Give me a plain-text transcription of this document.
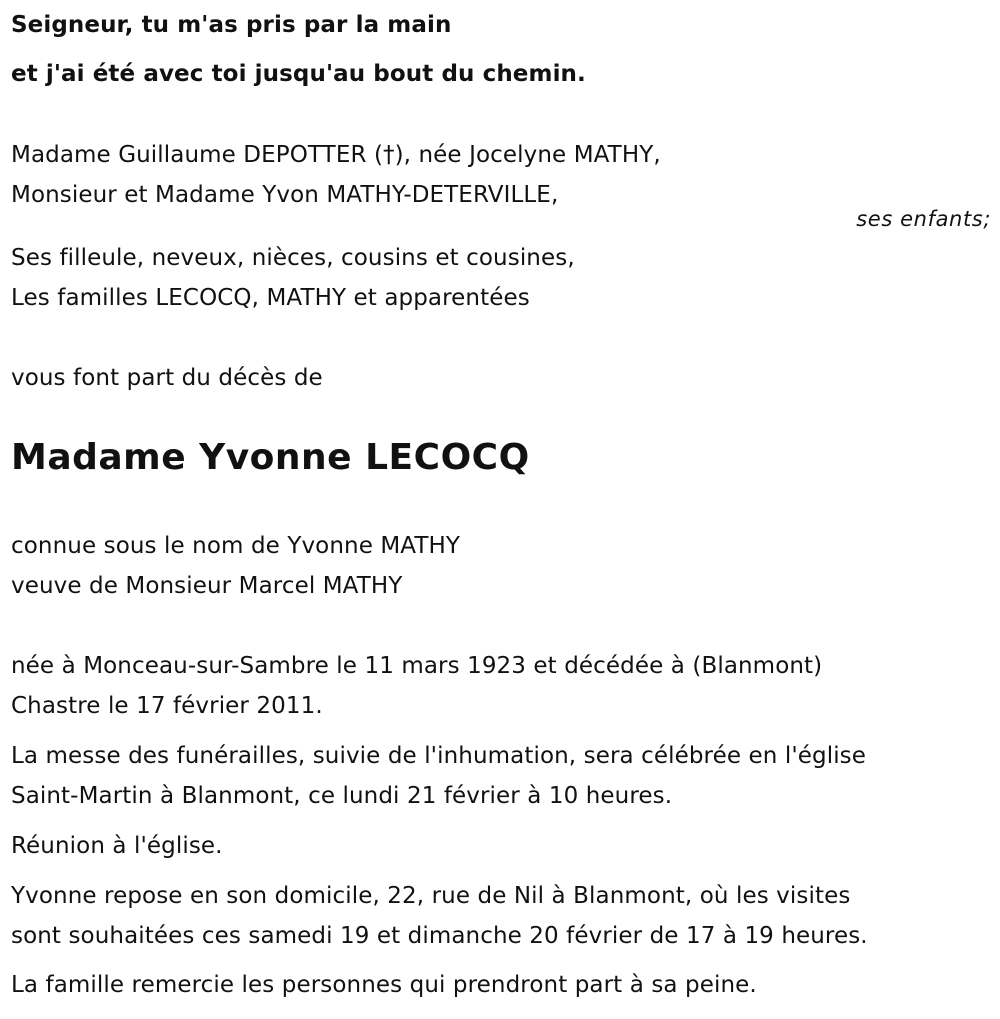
Seigneur, tu m'as pris par la main
et j'ai été avec toi jusqu'au bout du chemin.
Madame Guillaume DEPOTTER (†), née Jocelyne MATHY,
Monsieur et Madame Yvon MATHY-DETERVILLE,
ses enfants;
Ses filleule, neveux, nièces, cousins et cousines,
Les familles LECOCQ, MATHY et apparentées
vous font part du décès de
Madame Yvonne LECOCQ
connue sous le nom de Yvonne MATHY
veuve de Monsieur Marcel MATHY
née à Monceau-sur-Sambre le 11 mars 1923 et décédée à (Blanmont)
Chastre le 17 février 2011.
La messe des funérailles, suivie de l'inhumation, sera célébrée en l'église
Saint-Martin à Blanmont, ce lundi 21 février à 10 heures.
Réunion à l'église.
Yvonne repose en son domicile, 22, rue de Nil à Blanmont, où les visites
sont souhaitées ces samedi 19 et dimanche 20 février de 17 à 19 heures.
La famille remercie les personnes qui prendront part à sa peine.
